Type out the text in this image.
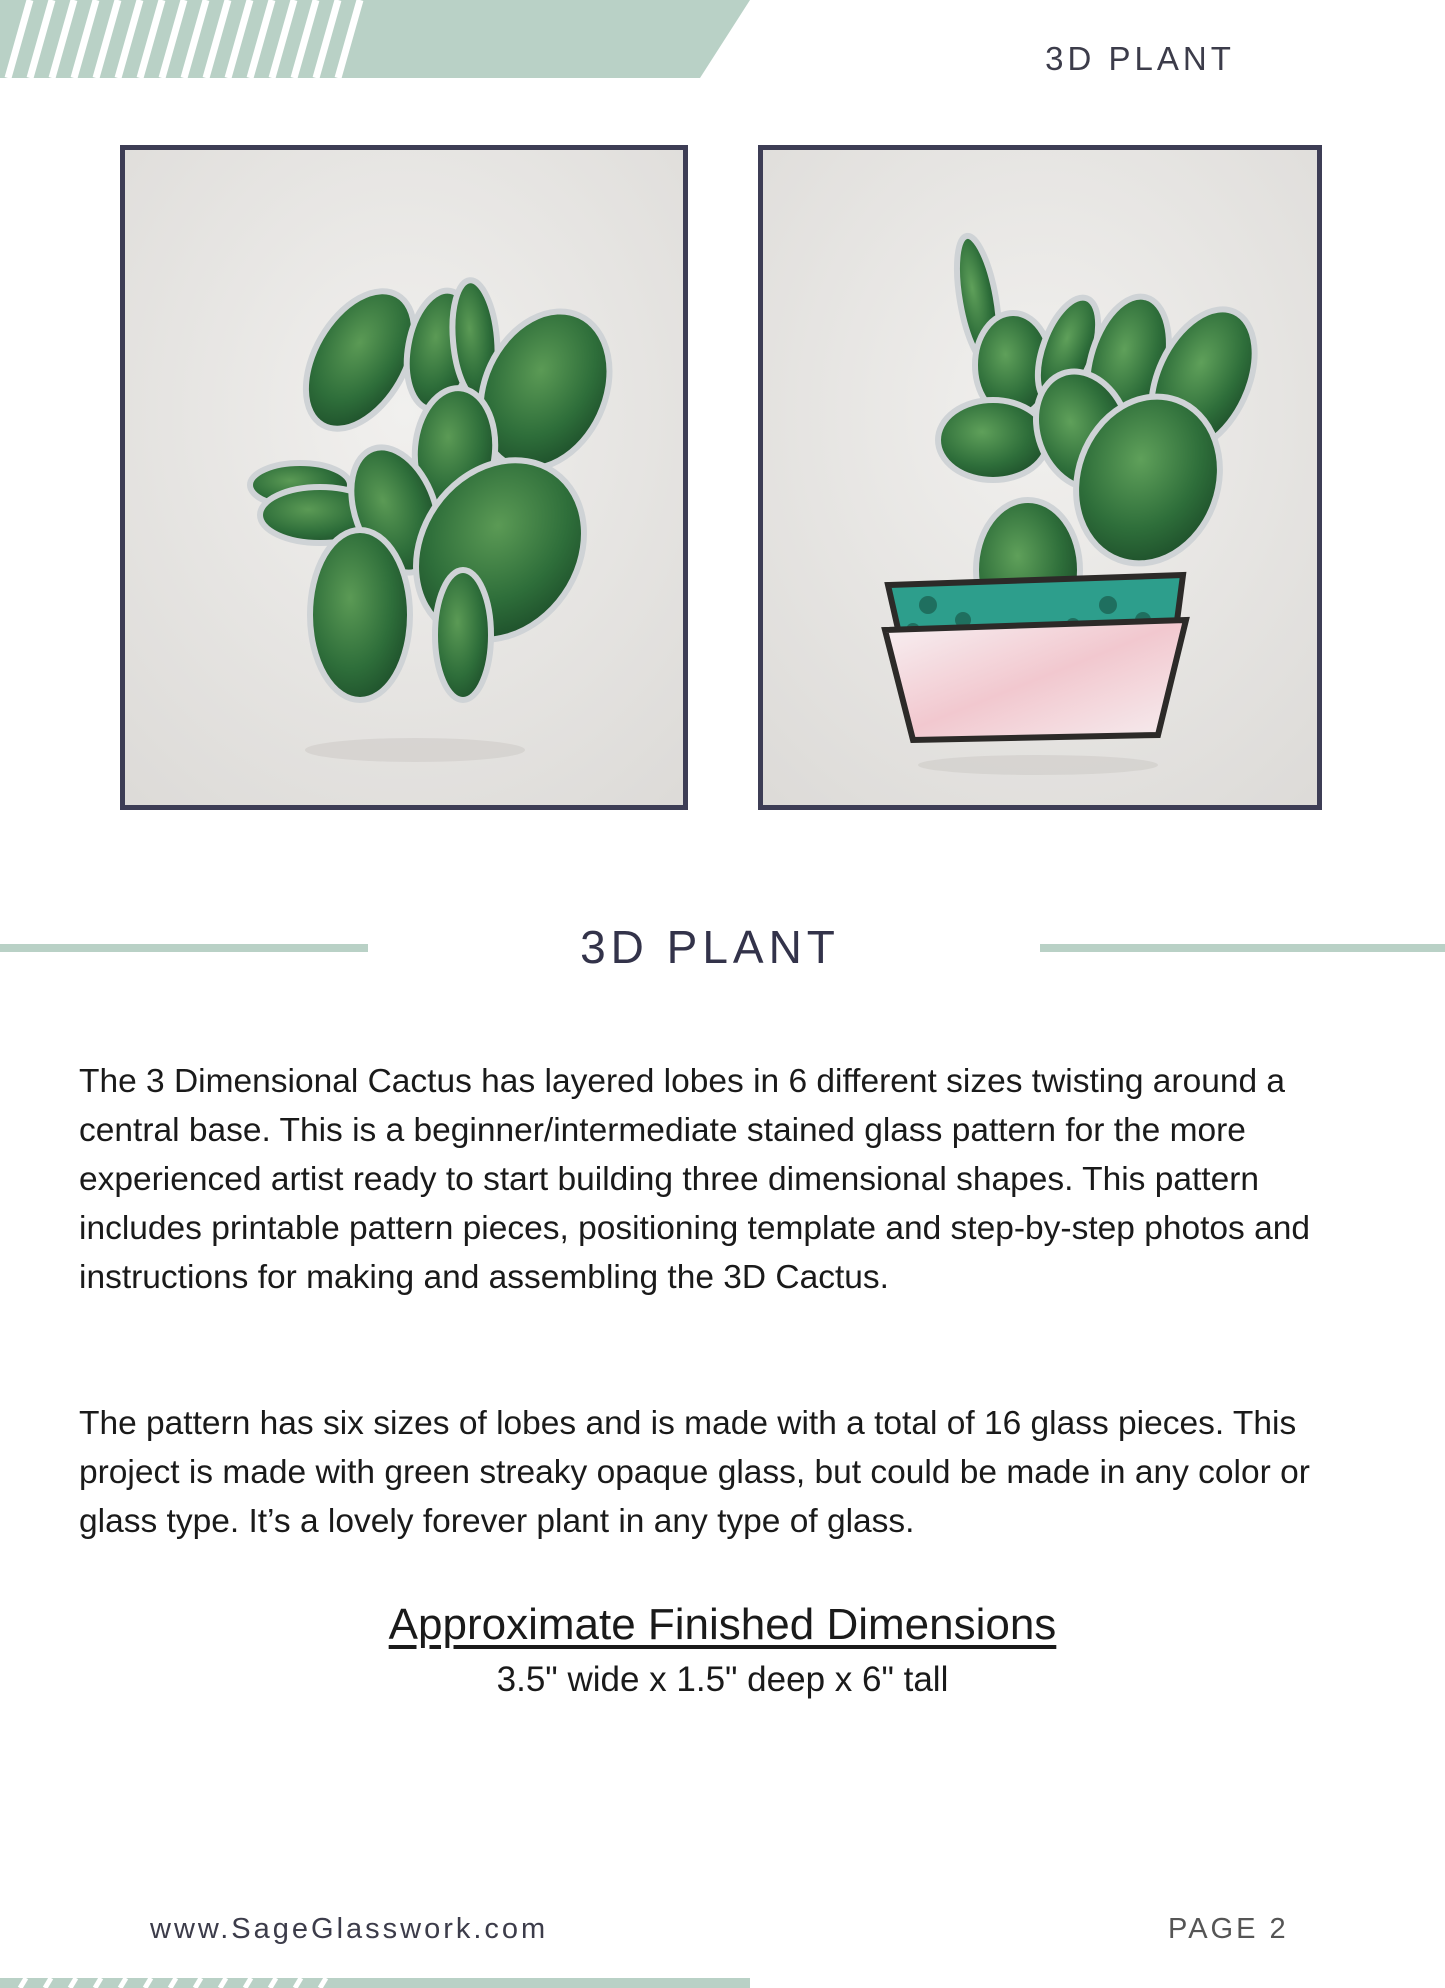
3D PLANT
3D PLANT
The 3 Dimensional Cactus has layered lobes in 6 different sizes twisting around a central base. This is a beginner/intermediate stained glass pattern for the more experienced artist ready to start building three dimensional shapes. This pattern includes printable pattern pieces, positioning template and step-by-step photos and instructions for making and assembling the 3D Cactus.
The pattern has six sizes of lobes and is made with a total of 16 glass pieces. This project is made with green streaky opaque glass, but could be made in any color or glass type. It’s a lovely forever plant in any type of glass.
Approximate Finished Dimensions
3.5" wide x 1.5" deep x 6" tall
www.SageGlasswork.com	PAGE 2
